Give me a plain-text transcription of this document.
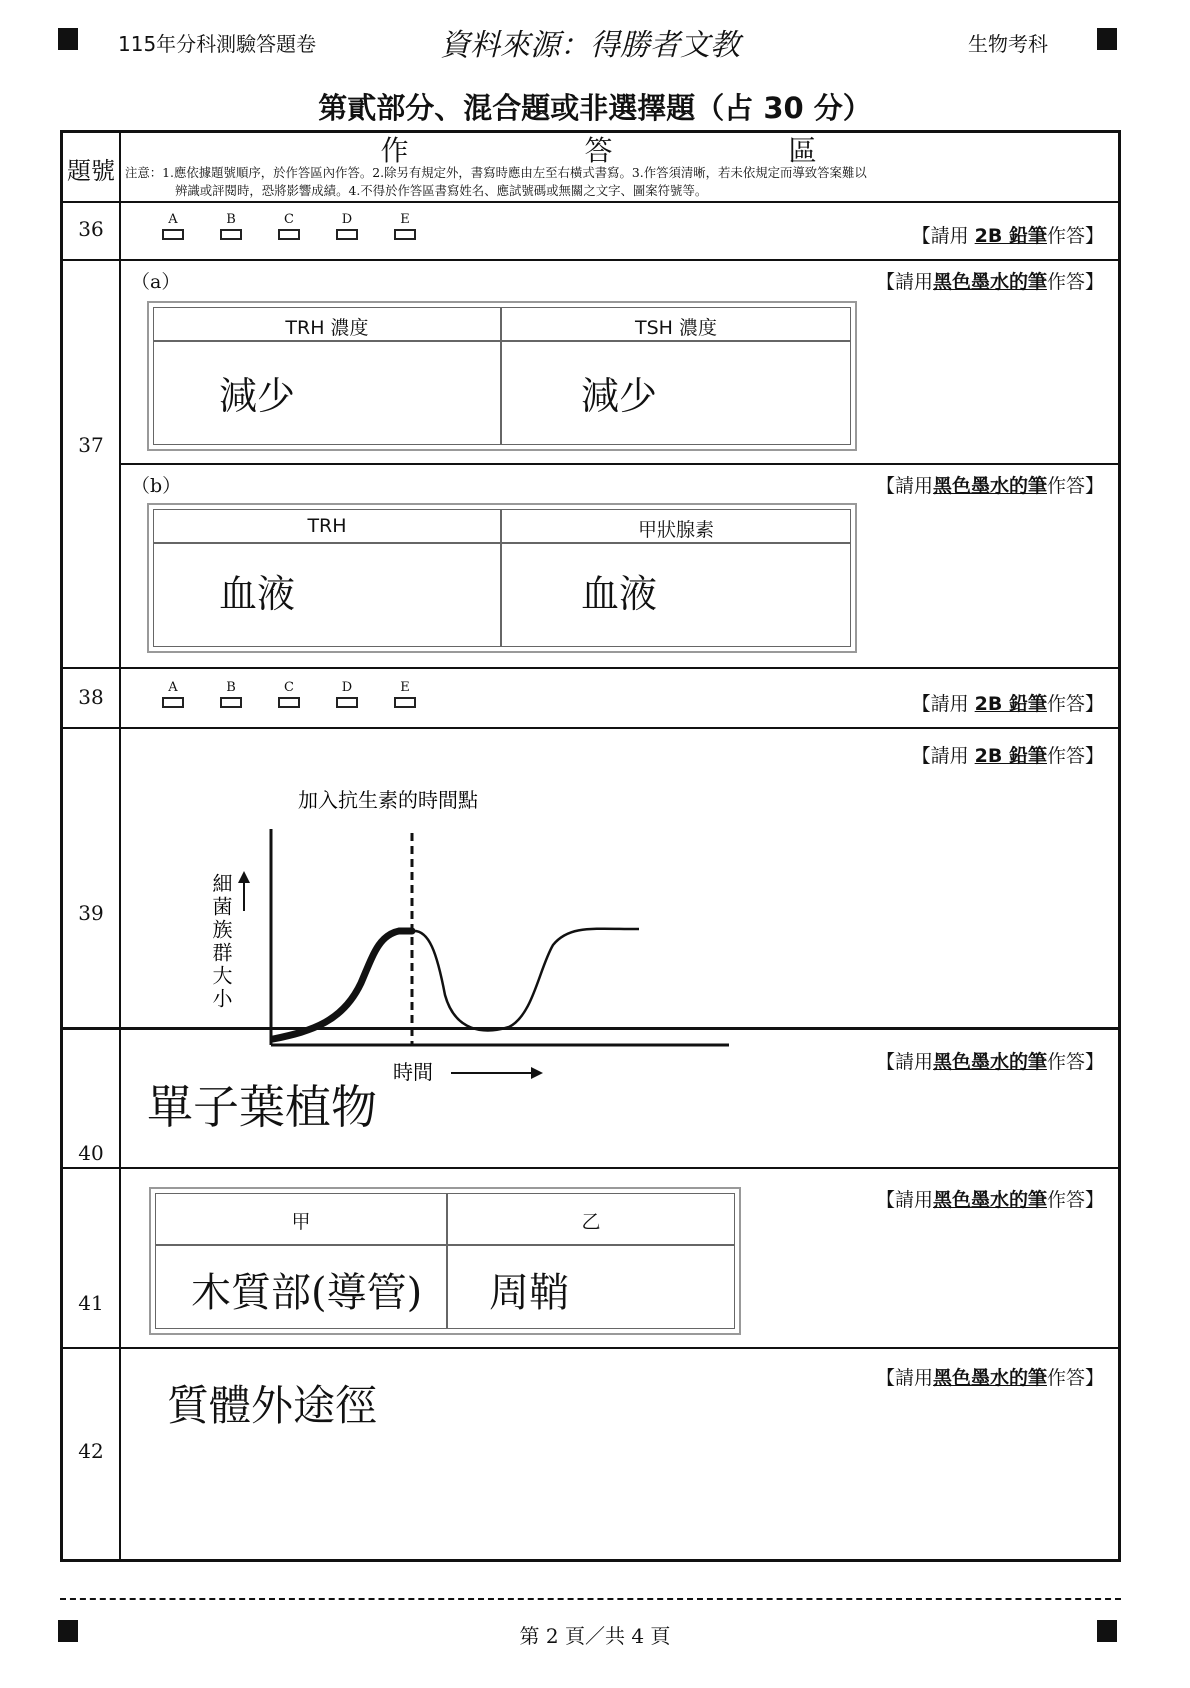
115年分科測驗答題卷	資料來源：得勝者文教	生物考科
第貳部分、混合題或非選擇題（占 30 分）
題號
作　　答　　區
注意：1.應依據題號順序，於作答區內作答。2.除另有規定外，書寫時應由左至右橫式書寫。3.作答須清晰，若未依規定而導致答案難以
辨識或評閱時，恐將影響成績。4.不得於作答區書寫姓名、應試號碼或無關之文字、圖案符號等。
36	A	B	C	D	E
【請用 2B 鉛筆作答】
37
（a）	【請用黑色墨水的筆作答】
TRH 濃度	TSH 濃度
減少	減少
（b）	【請用黑色墨水的筆作答】
TRH	甲狀腺素
血液	血液
38	A	B	C	D	E
【請用 2B 鉛筆作答】
39
【請用 2B 鉛筆作答】
加入抗生素的時間點
細菌族群大小
時間
40
【請用黑色墨水的筆作答】
單子葉植物
41
【請用黑色墨水的筆作答】
甲	乙
木質部(導管) 周鞘
42
【請用黑色墨水的筆作答】
質體外途徑
第 2 頁／共 4 頁
